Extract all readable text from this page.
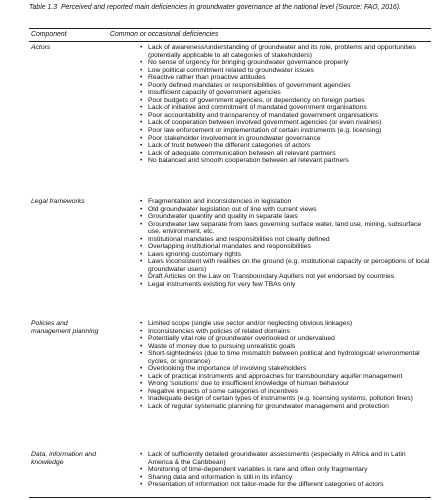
Table 1.3 Perceived and reported main deficiencies in groundwater governance at the national level (Source: FAO, 2016).
Component	Common or occasional deficiencies
Actors	• Lack of awareness/understanding of groundwater and its role, problems and opportunities (potentially applicable to all categories of stakeholders)
• No sense of urgency for bringing groundwater governance properly
• Low political commitment related to groundwater issues
• Reactive rather than proactive attitudes
• Poorly defined mandates or responsibilities of government agencies
• Insufficient capacity of government agencies
• Poor budgets of government agencies, or dependency on foreign parties
• Lack of initiative and commitment of mandated government organisations
• Poor accountability and transparency of mandated government organisations
• Lack of cooperation between involved government agencies (or even rivalries)
• Poor law enforcement or implementation of certain instruments (e.g. licensing)
• Poor stakeholder involvement in groundwater governance
• Lack of trust between the different categories of actors
• Lack of adequate communication between all relevant partners
• No balanced and smooth cooperation between all relevant partners
Legal frameworks	• Fragmentation and inconsistencies in legislation
• Old groundwater legislation out of line with current views
• Groundwater quantity and quality in separate laws
• Groundwater law separate from laws governing surface water, land use, mining, subsurface use, environment, etc.
• Institutional mandates and responsibilities not clearly defined
• Overlapping institutional mandates and responsibilities
• Laws ignoring customary rights
• Laws inconsistent with realities on the ground (e.g. institutional capacity or perceptions of local groundwater users)
• Draft Articles on the Law on Transboundary Aquifers not yet endorsed by countries
• Legal instruments existing for very few TBAs only
Policies and management planning
• Limited scope (single use sector and/or neglecting obvious linkages)
• Inconsistencies with policies of related domains
• Potentially vital role of groundwater overlooked or undervalued
• Waste of money due to pursuing unrealistic goals
• Short-sightedness (due to time mismatch between political and hydrological/ environmental cycles, or ignorance)
• Overlooking the importance of involving stakeholders
• Lack of practical instruments and approaches for transboundary aquifer management
• Wrong ‘solutions’ due to insufficient knowledge of human behaviour
• Negative impacts of some categories of incentives
• Inadequate design of certain types of instruments (e.g. licensing systems, pollution fines)
• Lack of regular systematic planning for groundwater management and protection
Data, information and knowledge
• Lack of sufficiently detailed groundwater assessments (especially in Africa and in Latin America & the Caribbean)
• Monitoring of time-dependent variables is rare and often only fragmentary
• Sharing data and information is still in its infancy
• Presentation of information not tailor-made for the different categories of actors
